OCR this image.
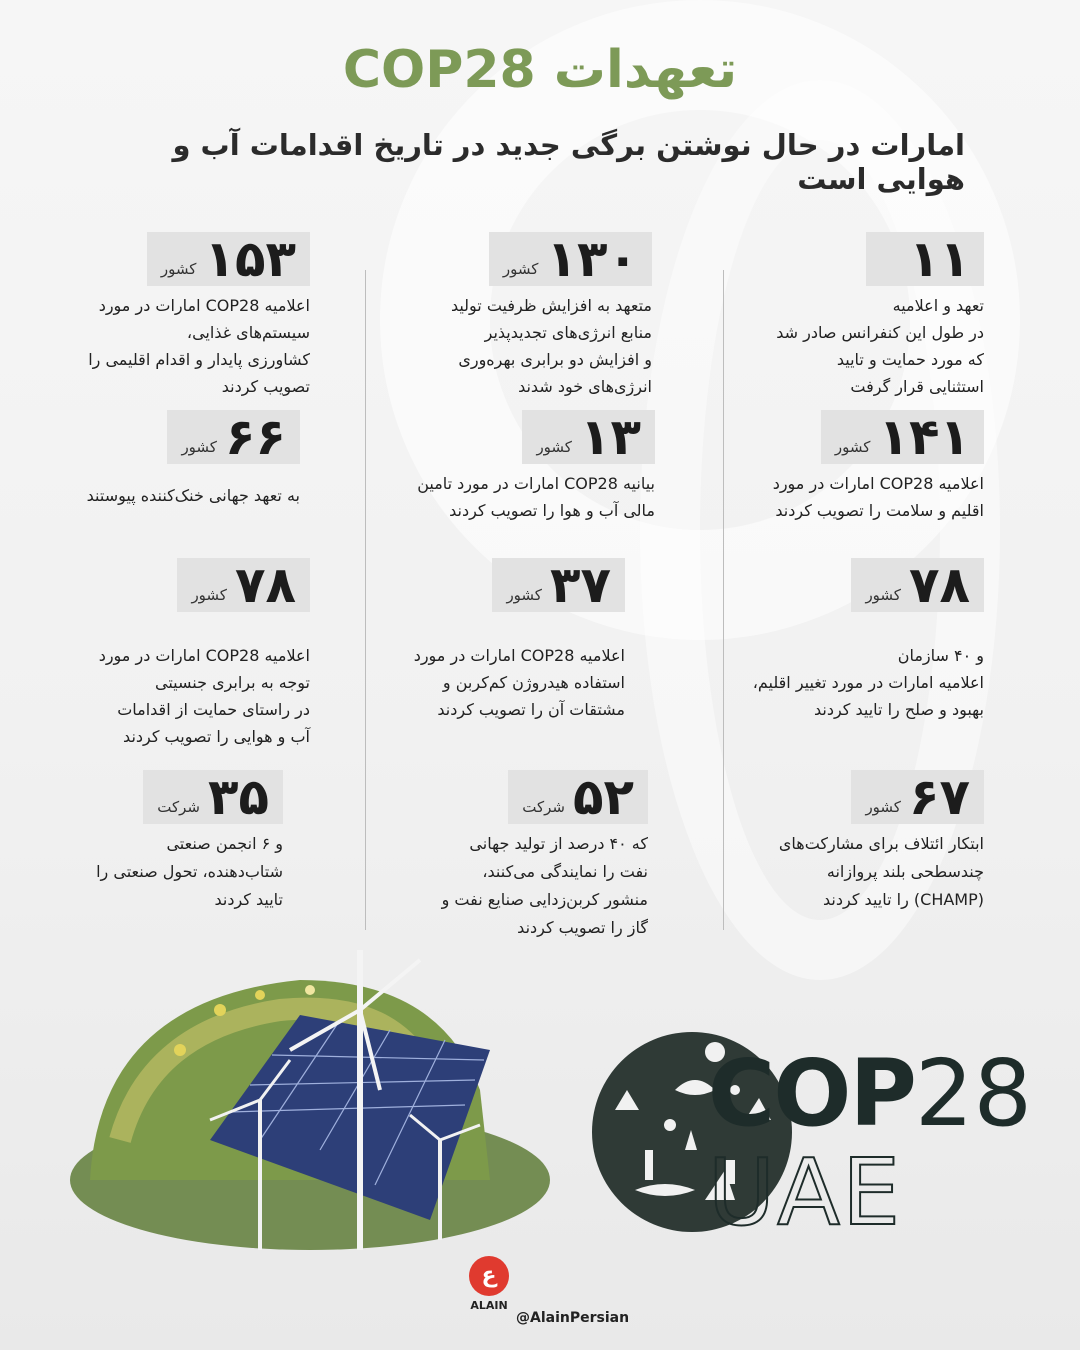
تعهدات COP28
امارات در حال نوشتن برگی جدید در تاریخ اقدامات آب و هوایی است
۱۱
تعهد و اعلامیه
در طول این کنفرانس صادر شد
که مورد حمایت و تایید
استثنایی قرار گرفت
۱۳۰
کشور
متعهد به افزایش ظرفیت تولید
منابع انرژی‌های تجدیدپذیر
و افزایش دو برابری بهره‌وری
انرژی‌های خود شدند
۱۵۳
کشور
اعلامیه COP28 امارات در مورد
سیستم‌های غذایی،
کشاورزی پایدار و اقدام اقلیمی را
تصویب کردند
۱۴۱
کشور
اعلامیه COP28 امارات در مورد
اقلیم و سلامت را تصویب کردند
۱۳
کشور
بیانیه COP28 امارات در مورد تامین
مالی آب و هوا را تصویب کردند
۶۶
کشور
به تعهد جهانی خنک‌کننده پیوستند
۷۸
کشور
و ۴۰ سازمان
اعلامیه امارات در مورد تغییر اقلیم،
بهبود و صلح را تایید کردند
۳۷
کشور
اعلامیه COP28 امارات در مورد
استفاده هیدروژن کم‌کربن و
مشتقات آن را تصویب کردند
۷۸
کشور
اعلامیه COP28 امارات در مورد
توجه به برابری جنسیتی
در راستای حمایت از اقدامات
آب و هوایی را تصویب کردند
۶۷
کشور
ابتکار ائتلاف برای مشارکت‌های
چندسطحی بلند پروازانه
(CHAMP) را تایید کردند
۵۲
شرکت
که ۴۰ درصد از تولید جهانی
نفت را نمایندگی می‌کنند،
منشور کربن‌زدایی صنایع نفت و
گاز را تصویب کردند
۳۵
شرکت
و ۶ انجمن صنعتی
شتاب‌دهنده، تحول صنعتی را
تایید کردند
COP28
UAE
ع
ALAIN
@AlainPersian
